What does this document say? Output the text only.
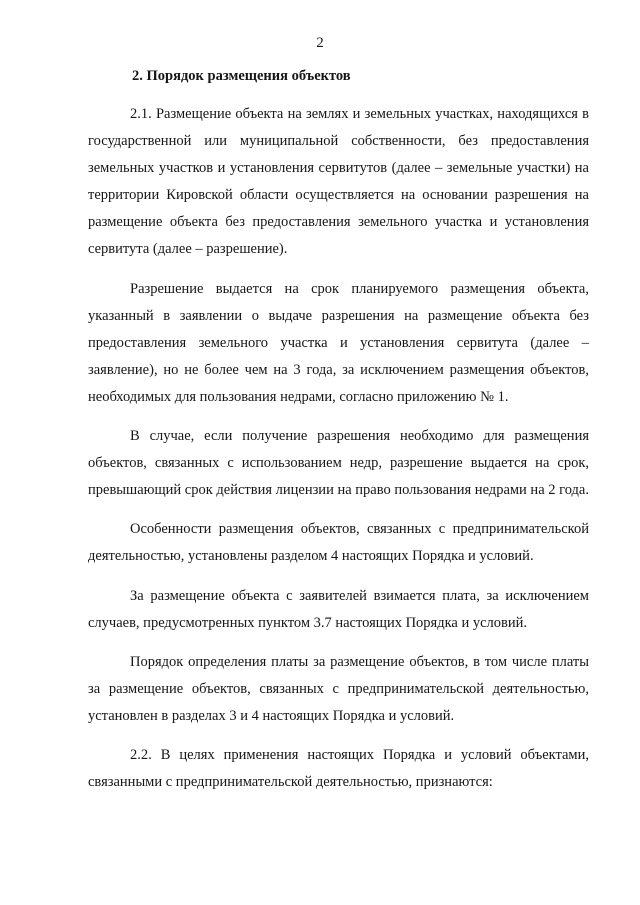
2
2. Порядок размещения объектов

2.1. Размещение объекта на землях и земельных участках, находящихся в государственной или муниципальной собственности, без предоставления земельных участков и установления сервитутов (далее – земельные участки) на территории Кировской области осуществляется на основании разрешения на размещение объекта без предоставления земельного участка и установления сервитута (далее – разрешение).

Разрешение выдается на срок планируемого размещения объекта, указанный в заявлении о выдаче разрешения на размещение объекта без предоставления земельного участка и установления сервитута (далее – заявление), но не более чем на 3 года, за исключением размещения объектов, необходимых для пользования недрами, согласно приложению № 1.

В случае, если получение разрешения необходимо для размещения объектов, связанных с использованием недр, разрешение выдается на срок, превышающий срок действия лицензии на право пользования недрами на 2 года.

Особенности размещения объектов, связанных с предпринимательской деятельностью, установлены разделом 4 настоящих Порядка и условий.

За размещение объекта с заявителей взимается плата, за исключением случаев, предусмотренных пунктом 3.7 настоящих Порядка и условий.

Порядок определения платы за размещение объектов, в том числе платы за размещение объектов, связанных с предпринимательской деятельностью, установлен в разделах 3 и 4 настоящих Порядка и условий.

2.2. В целях применения настоящих Порядка и условий объектами, связанными с предпринимательской деятельностью, признаются:
